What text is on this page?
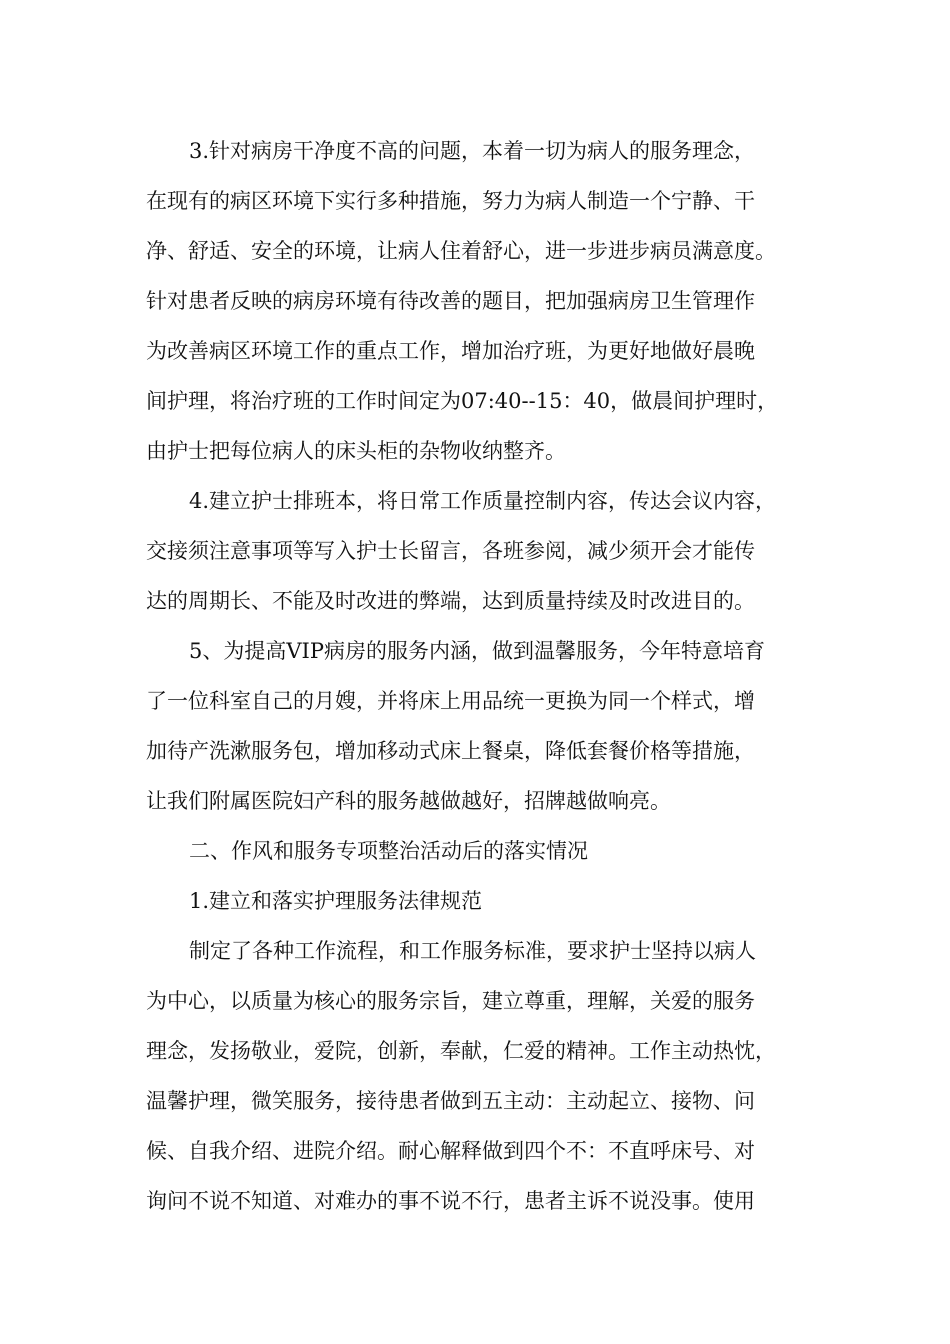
3.针对病房干净度不高的问题，本着一切为病人的服务理念，
在现有的病区环境下实行多种措施，努力为病人制造一个宁静、干
净、舒适、安全的环境，让病人住着舒心，进一步进步病员满意度。
针对患者反映的病房环境有待改善的题目，把加强病房卫生管理作
为改善病区环境工作的重点工作，增加治疗班，为更好地做好晨晚
间护理，将治疗班的工作时间定为07:40--15：40，做晨间护理时，
由护士把每位病人的床头柜的杂物收纳整齐。
4.建立护士排班本，将日常工作质量控制内容，传达会议内容，
交接须注意事项等写入护士长留言，各班参阅，减少须开会才能传
达的周期长、不能及时改进的弊端，达到质量持续及时改进目的。
5、为提高VIP病房的服务内涵，做到温馨服务，今年特意培育
了一位科室自己的月嫂，并将床上用品统一更换为同一个样式，增
加待产洗漱服务包，增加移动式床上餐桌，降低套餐价格等措施，
让我们附属医院妇产科的服务越做越好，招牌越做响亮。
二、作风和服务专项整治活动后的落实情况
1.建立和落实护理服务法律规范
制定了各种工作流程，和工作服务标准，要求护士坚持以病人
为中心，以质量为核心的服务宗旨，建立尊重，理解，关爱的服务
理念，发扬敬业，爱院，创新，奉献，仁爱的精神。工作主动热忱，
温馨护理，微笑服务，接待患者做到五主动：主动起立、接物、问
候、自我介绍、进院介绍。耐心解释做到四个不：不直呼床号、对
询问不说不知道、对难办的事不说不行，患者主诉不说没事。使用
